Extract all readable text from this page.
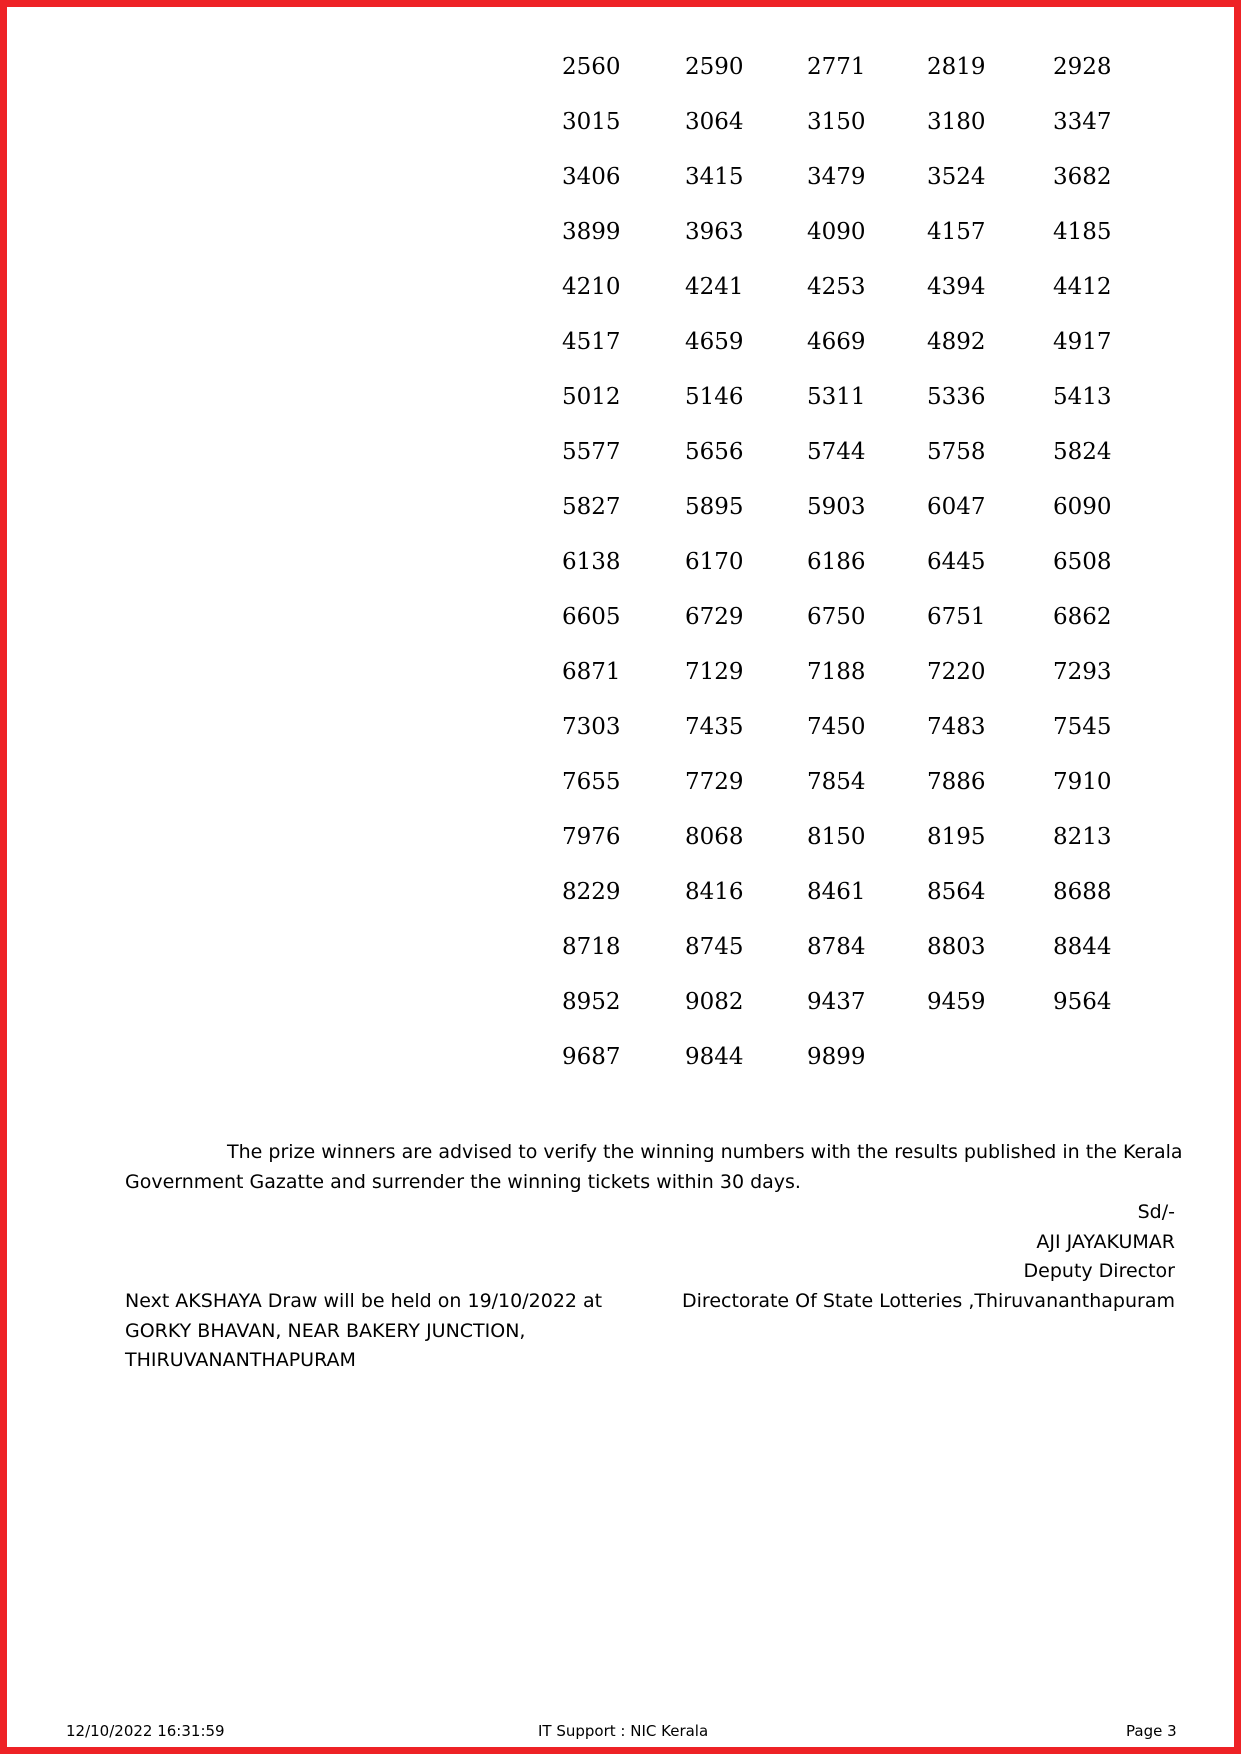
2560	2590	2771	2819	2928
3015	3064	3150	3180	3347
3406	3415	3479	3524	3682
3899	3963	4090	4157	4185
4210	4241	4253	4394	4412
4517	4659	4669	4892	4917
5012	5146	5311	5336	5413
5577	5656	5744	5758	5824
5827	5895	5903	6047	6090
6138	6170	6186	6445	6508
6605	6729	6750	6751	6862
6871	7129	7188	7220	7293
7303	7435	7450	7483	7545
7655	7729	7854	7886	7910
7976	8068	8150	8195	8213
8229	8416	8461	8564	8688
8718	8745	8784	8803	8844
8952	9082	9437	9459	9564
9687	9844	9899
The prize winners are advised to verify the winning numbers with the results published in the Kerala
Government Gazatte and surrender the winning tickets within 30 days.
Sd/-
AJI JAYAKUMAR
Deputy Director
Directorate Of State Lotteries ,Thiruvananthapuram
Next AKSHAYA Draw will be held on 19/10/2022 at
GORKY BHAVAN, NEAR BAKERY JUNCTION,
THIRUVANANTHAPURAM
12/10/2022 16:31:59	IT Support : NIC Kerala	Page 3
